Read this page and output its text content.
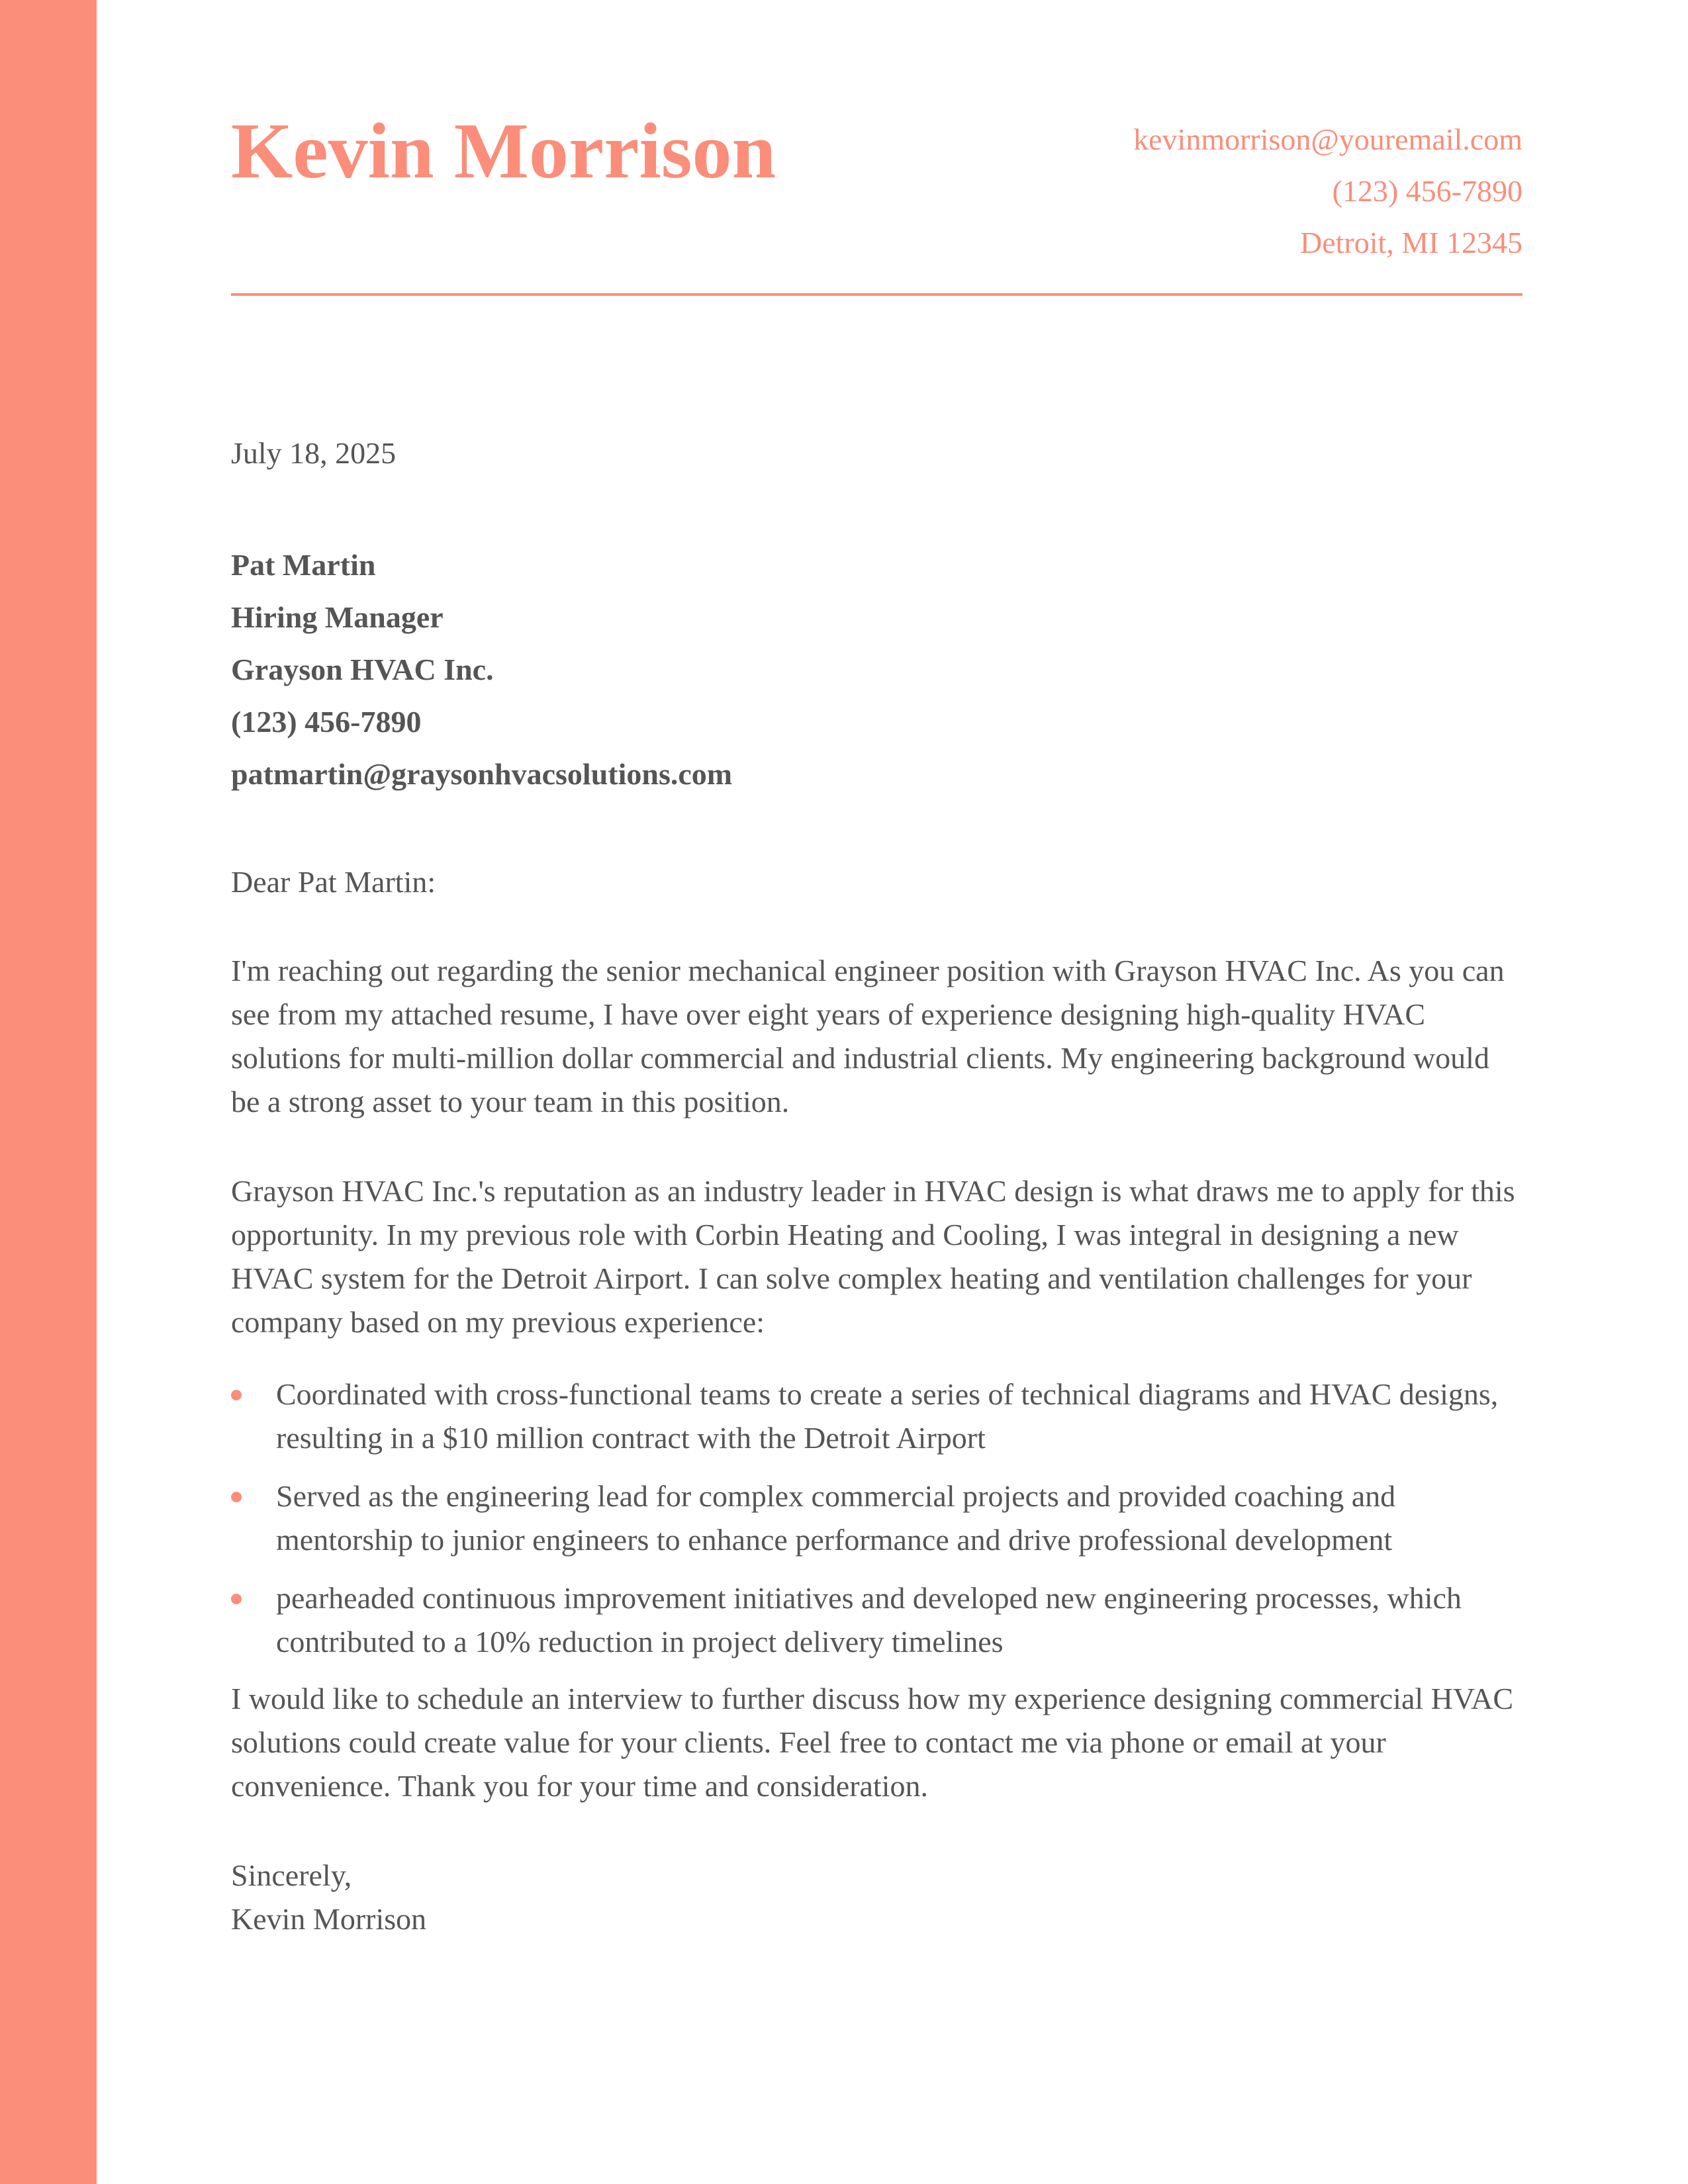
Kevin Morrison	kevinmorrison@youremail.com
(123) 456-7890
Detroit, MI 12345

July 18, 2025

Pat Martin
Hiring Manager
Grayson HVAC Inc.
(123) 456-7890
patmartin@graysonhvacsolutions.com

Dear Pat Martin:

I'm reaching out regarding the senior mechanical engineer position with Grayson HVAC Inc. As you can see from my attached resume, I have over eight years of experience designing high-quality HVAC solutions for multi-million dollar commercial and industrial clients. My engineering background would be a strong asset to your team in this position.

Grayson HVAC Inc.'s reputation as an industry leader in HVAC design is what draws me to apply for this opportunity. In my previous role with Corbin Heating and Cooling, I was integral in designing a new HVAC system for the Detroit Airport. I can solve complex heating and ventilation challenges for your company based on my previous experience:

Coordinated with cross-functional teams to create a series of technical diagrams and HVAC designs, resulting in a $10 million contract with the Detroit Airport
Served as the engineering lead for complex commercial projects and provided coaching and mentorship to junior engineers to enhance performance and drive professional development
pearheaded continuous improvement initiatives and developed new engineering processes, which contributed to a 10% reduction in project delivery timelines

I would like to schedule an interview to further discuss how my experience designing commercial HVAC solutions could create value for your clients. Feel free to contact me via phone or email at your convenience. Thank you for your time and consideration.

Sincerely,
Kevin Morrison
